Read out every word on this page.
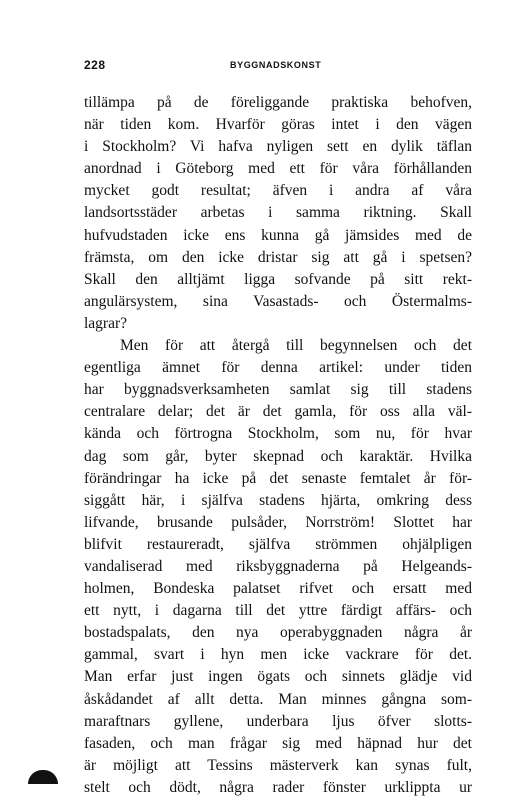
228	BYGGNADSKONST
tillämpa på de föreliggande praktiska behofven,
när tiden kom. Hvarför göras intet i den vägen
i Stockholm? Vi hafva nyligen sett en dylik täflan
anordnad i Göteborg med ett för våra förhållanden
mycket godt resultat; äfven i andra af våra
landsortsstäder arbetas i samma riktning. Skall
hufvudstaden icke ens kunna gå jämsides med de
främsta, om den icke dristar sig att gå i spetsen?
Skall den alltjämt ligga sofvande på sitt rekt-
angulärsystem, sina Vasastads- och Östermalms-
lagrar?
Men för att återgå till begynnelsen och det
egentliga ämnet för denna artikel: under tiden
har byggnadsverksamheten samlat sig till stadens
centralare delar; det är det gamla, för oss alla väl-
kända och förtrogna Stockholm, som nu, för hvar
dag som går, byter skepnad och karaktär. Hvilka
förändringar ha icke på det senaste femtalet år för-
siggått här, i själfva stadens hjärta, omkring dess
lifvande, brusande pulsåder, Norrström! Slottet har
blifvit restaureradt, själfva strömmen ohjälpligen
vandaliserad med riksbyggnaderna på Helgeands-
holmen, Bondeska palatset rifvet och ersatt med
ett nytt, i dagarna till det yttre färdigt affärs- och
bostadspalats, den nya operabyggnaden några år
gammal, svart i hyn men icke vackrare för det.
Man erfar just ingen ögats och sinnets glädje vid
åskådandet af allt detta. Man minnes gångna som-
maraftnars gyllene, underbara ljus öfver slotts-
fasaden, och man frågar sig med häpnad hur det
är möjligt att Tessins mästerverk kan synas fult,
stelt och dödt, några rader fönster urklippta ur
